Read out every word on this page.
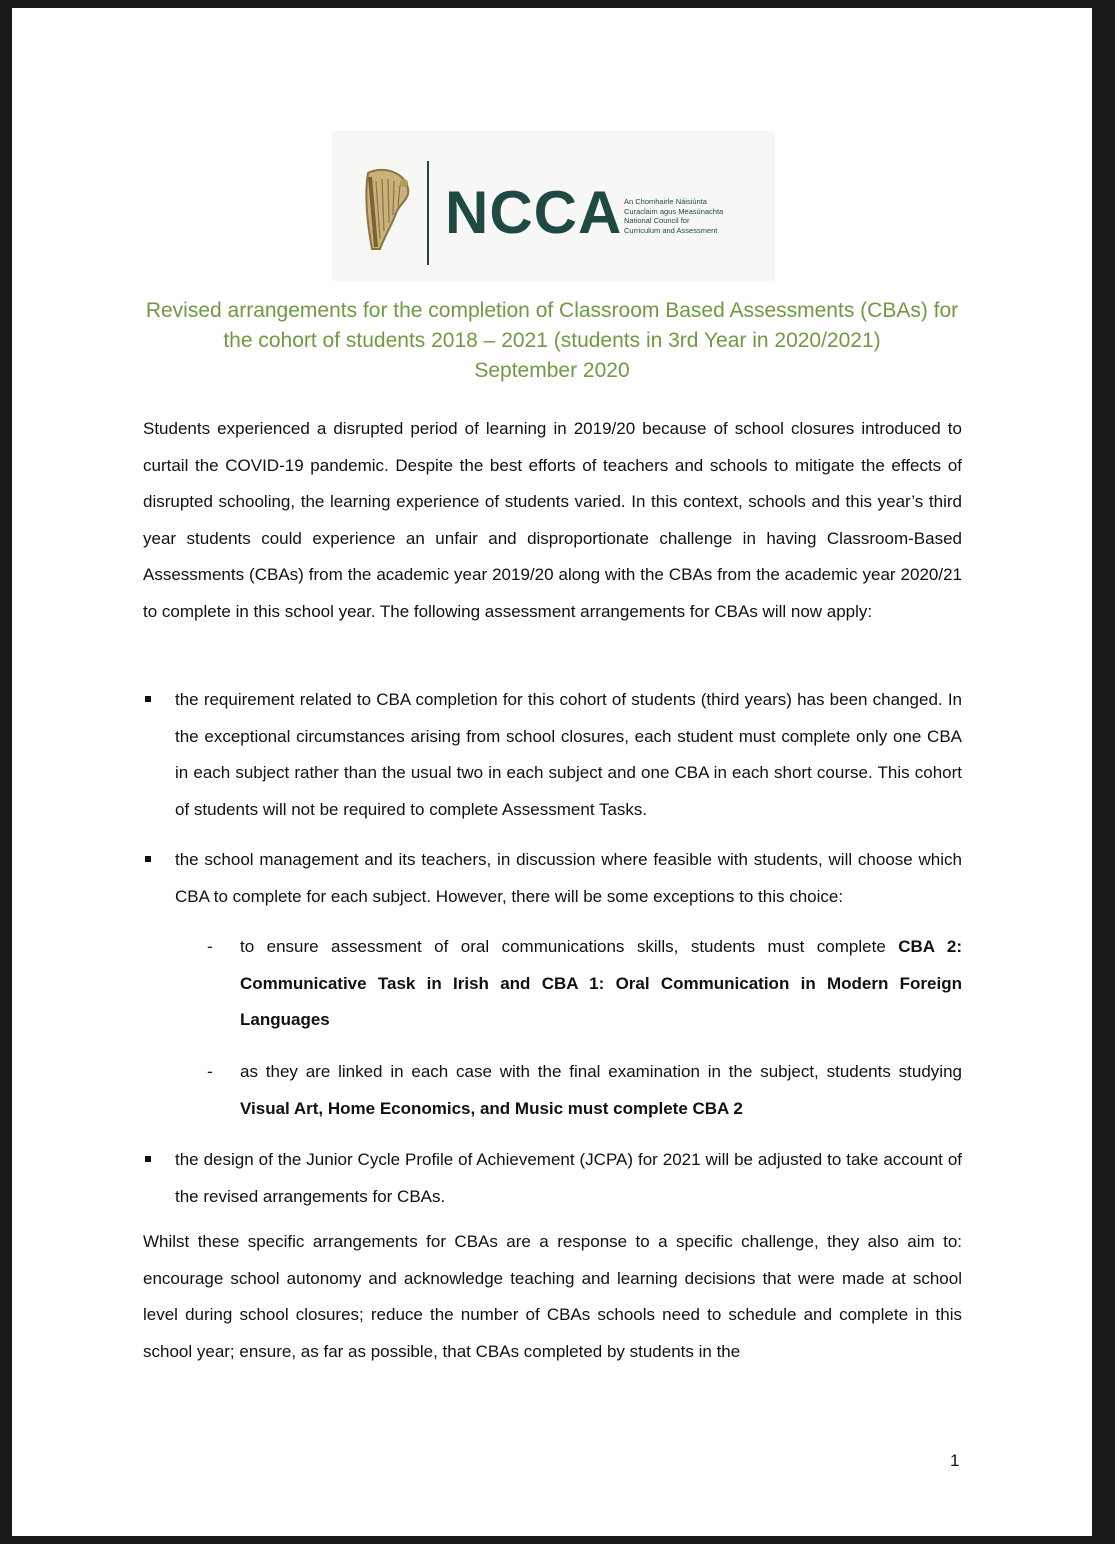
NCCA An Chomhairle Náisiúnta
Curaclaim agus Measúnachta
National Council for
Curriculum and Assessment
Revised arrangements for the completion of Classroom Based Assessments (CBAs) for
the cohort of students 2018 – 2021 (students in 3rd Year in 2020/2021)
September 2020
Students experienced a disrupted period of learning in 2019/20 because of school closures introduced to curtail the COVID-19 pandemic. Despite the best efforts of teachers and schools to mitigate the effects of disrupted schooling, the learning experience of students varied. In this context, schools and this year’s third year students could experience an unfair and disproportionate challenge in having Classroom-Based Assessments (CBAs) from the academic year 2019/20 along with the CBAs from the academic year 2020/21 to complete in this school year. The following assessment arrangements for CBAs will now apply:
the requirement related to CBA completion for this cohort of students (third years) has been changed. In the exceptional circumstances arising from school closures, each student must complete only one CBA in each subject rather than the usual two in each subject and one CBA in each short course. This cohort of students will not be required to complete Assessment Tasks.
the school management and its teachers, in discussion where feasible with students, will choose which CBA to complete for each subject. However, there will be some exceptions to this choice:
- to ensure assessment of oral communications skills, students must complete CBA 2: Communicative Task in Irish and CBA 1: Oral Communication in Modern Foreign Languages
- as they are linked in each case with the final examination in the subject, students studying Visual Art, Home Economics, and Music must complete CBA 2
the design of the Junior Cycle Profile of Achievement (JCPA) for 2021 will be adjusted to take account of the revised arrangements for CBAs.
Whilst these specific arrangements for CBAs are a response to a specific challenge, they also aim to: encourage school autonomy and acknowledge teaching and learning decisions that were made at school level during school closures; reduce the number of CBAs schools need to schedule and complete in this school year; ensure, as far as possible, that CBAs completed by students in the
1
